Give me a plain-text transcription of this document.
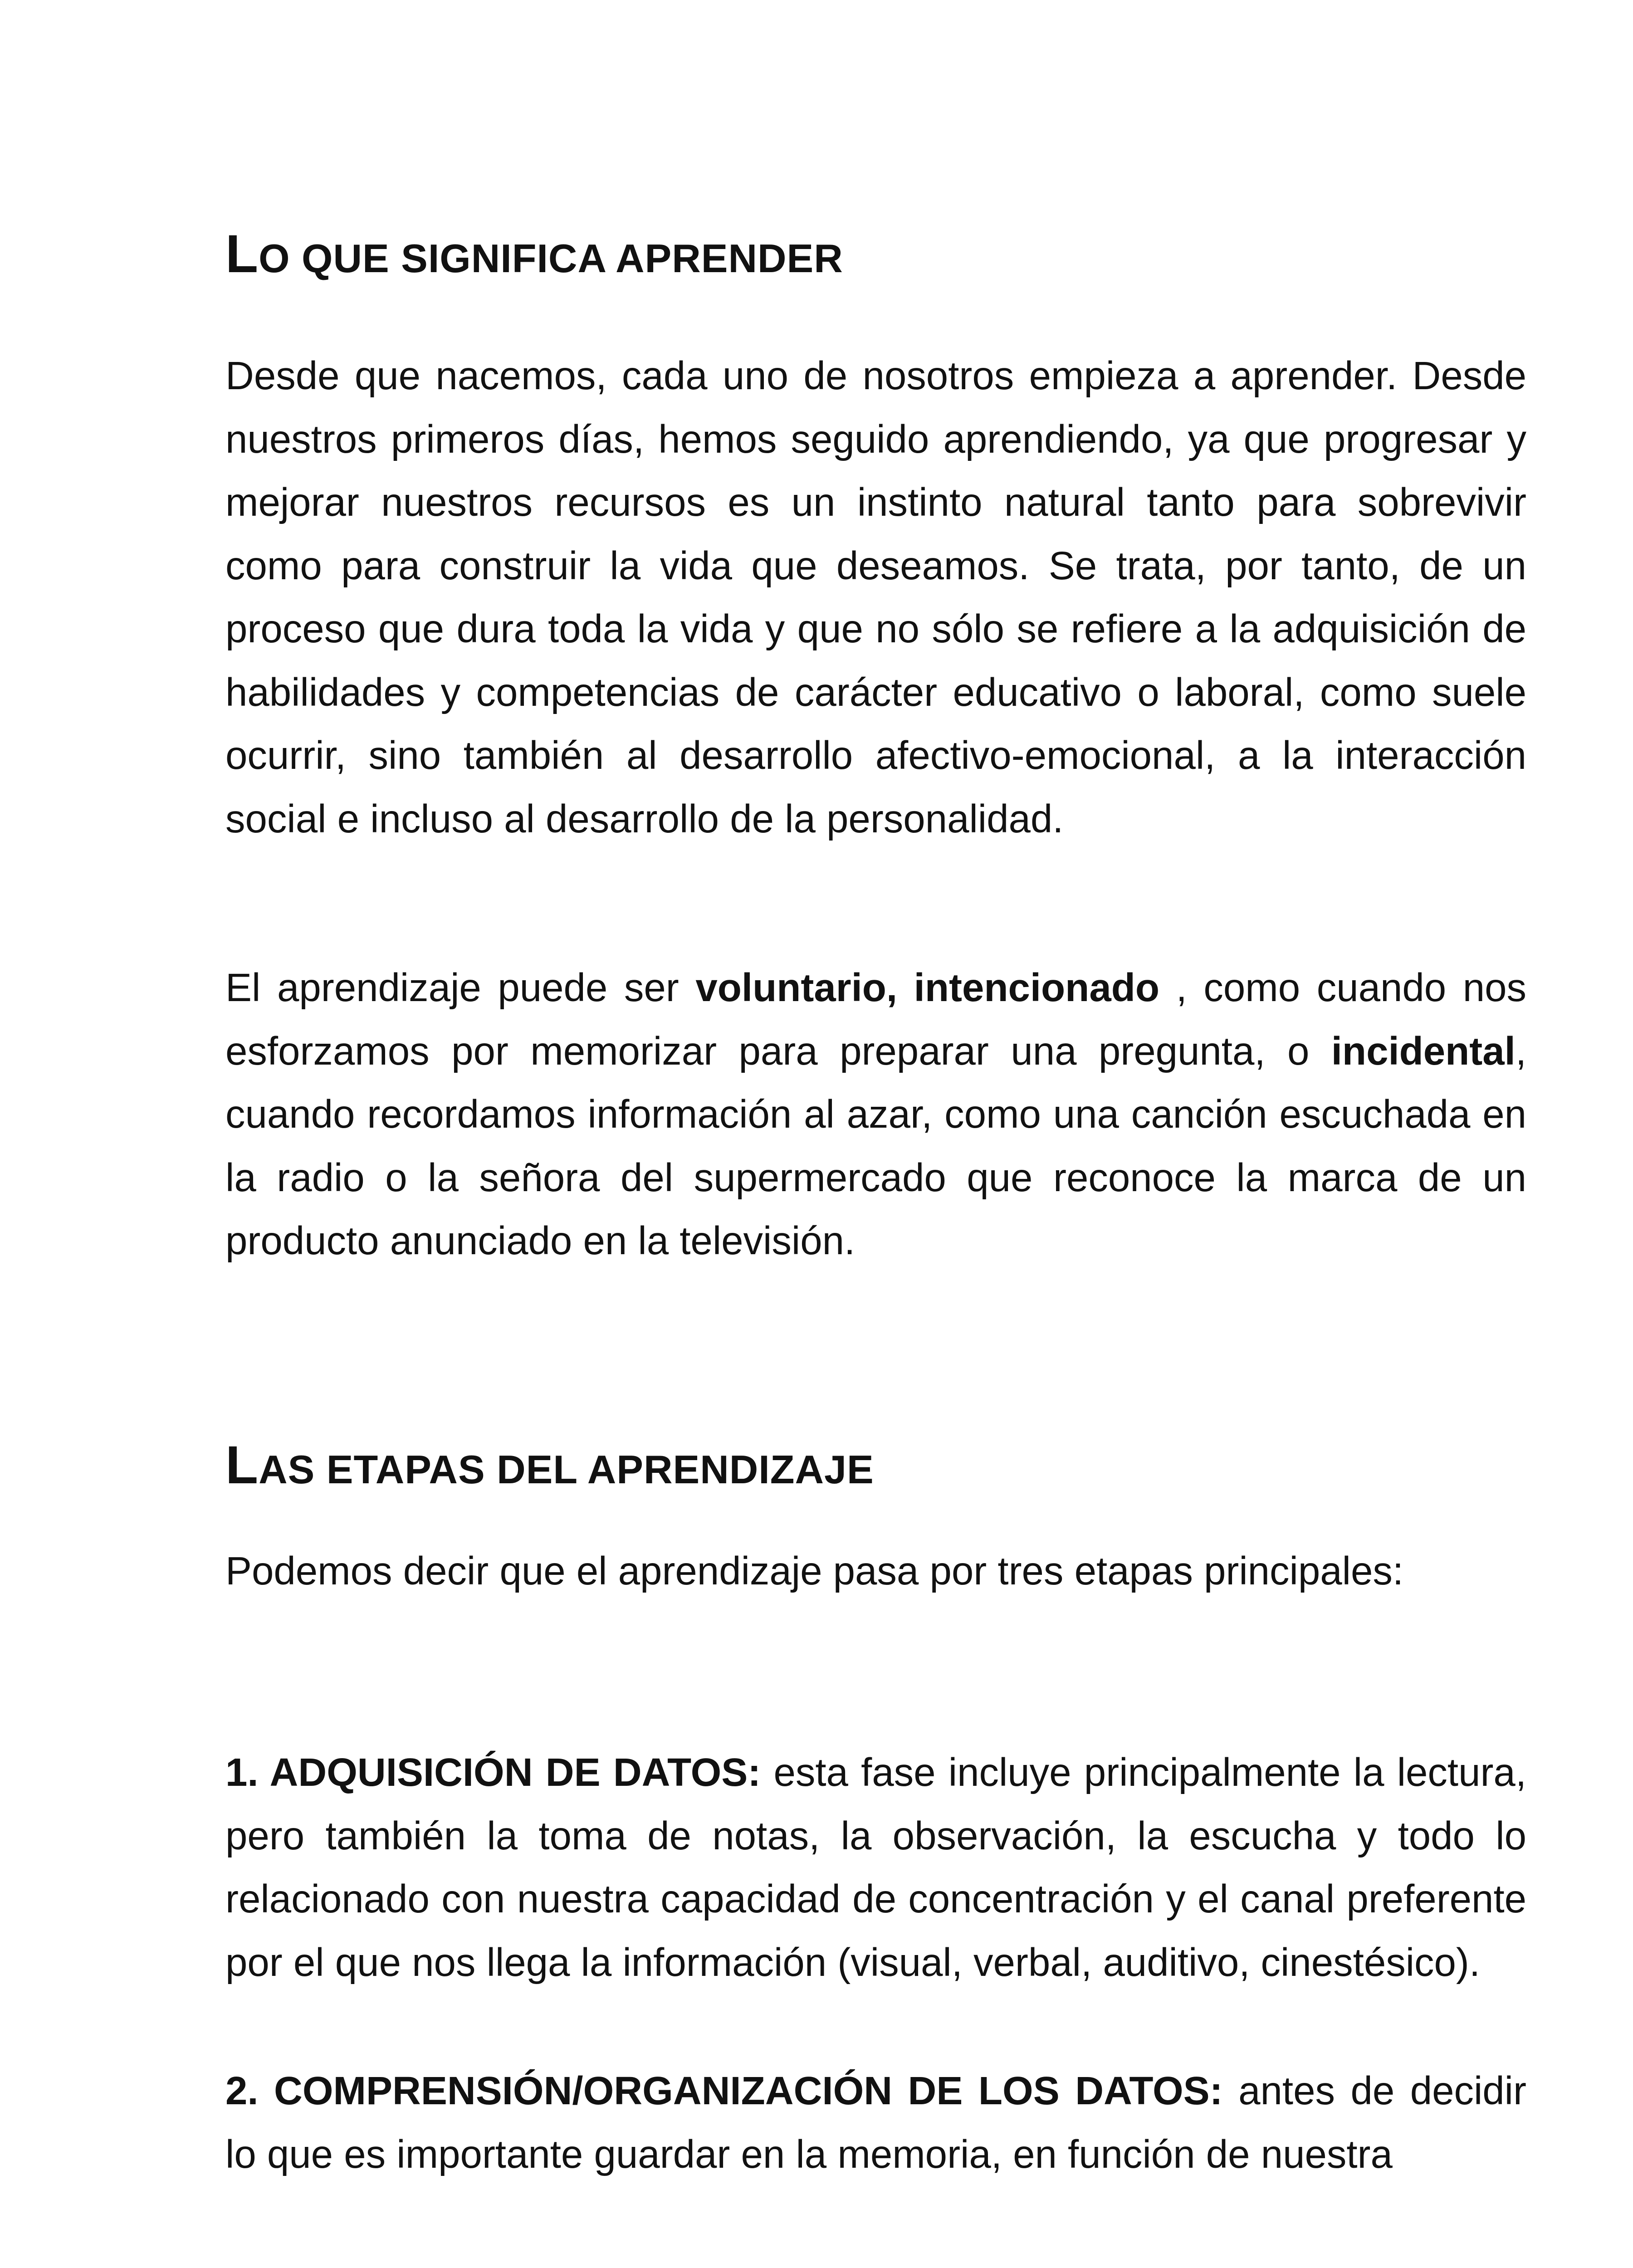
LO QUE SIGNIFICA APRENDER

Desde que nacemos, cada uno de nosotros empieza a aprender. Desde nuestros primeros días, hemos seguido aprendiendo, ya que progresar y mejorar nuestros recursos es un instinto natural tanto para sobrevivir como para construir la vida que deseamos. Se trata, por tanto, de un proceso que dura toda la vida y que no sólo se refiere a la adquisición de habilidades y competencias de carácter educativo o laboral, como suele ocurrir, sino también al desarrollo afectivo-emocional, a la interacción social e incluso al desarrollo de la personalidad.

El aprendizaje puede ser voluntario, intencionado , como cuando nos esforzamos por memorizar para preparar una pregunta, o incidental, cuando recordamos información al azar, como una canción escuchada en la radio o la señora del supermercado que reconoce la marca de un producto anunciado en la televisión.

LAS ETAPAS DEL APRENDIZAJE

Podemos decir que el aprendizaje pasa por tres etapas principales:

1. ADQUISICIÓN DE DATOS: esta fase incluye principalmente la lectura, pero también la toma de notas, la observación, la escucha y todo lo relacionado con nuestra capacidad de concentración y el canal preferente por el que nos llega la información (visual, verbal, auditivo, cinestésico).

2. COMPRENSIÓN/ORGANIZACIÓN DE LOS DATOS: antes de decidir lo que es importante guardar en la memoria, en función de nuestra
